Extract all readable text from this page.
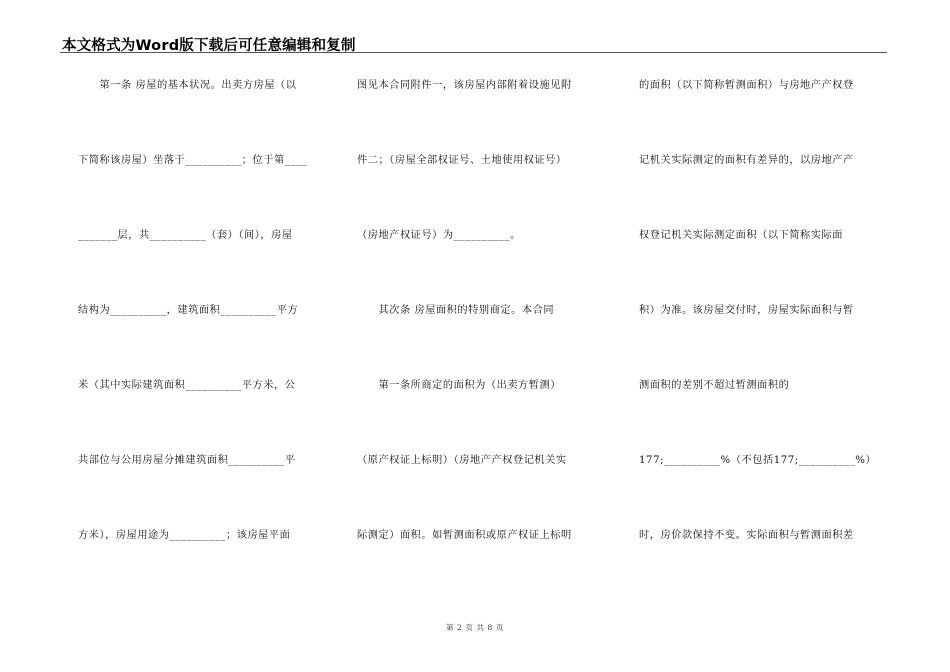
本文格式为Word版下载后可任意编辑和复制
　　第一条 房屋的基本状况。出卖方房屋（以
下简称该房屋）坐落于__________；位于第____
_______层，共__________（套）（间），房屋
结构为__________，建筑面积__________平方
米（其中实际建筑面积__________平方米，公
共部位与公用房屋分摊建筑面积__________平
方米），房屋用途为__________；该房屋平面
图见本合同附件一，该房屋内部附着设施见附
件二；（房屋全部权证号、土地使用权证号）
（房地产权证号）为__________。
　　其次条 房屋面积的特别商定。本合同
　　第一条所商定的面积为（出卖方暂测）
（原产权证上标明）（房地产产权登记机关实
际测定）面积。如暂测面积或原产权证上标明
的面积（以下简称暂测面积）与房地产产权登
记机关实际测定的面积有差异的，以房地产产
权登记机关实际测定面积（以下简称实际面
积）为准。该房屋交付时，房屋实际面积与暂
测面积的差别不超过暂测面积的
177;__________%（不包括177;__________%）
时，房价款保持不变。实际面积与暂测面积差
第 2 页 共 8 页
